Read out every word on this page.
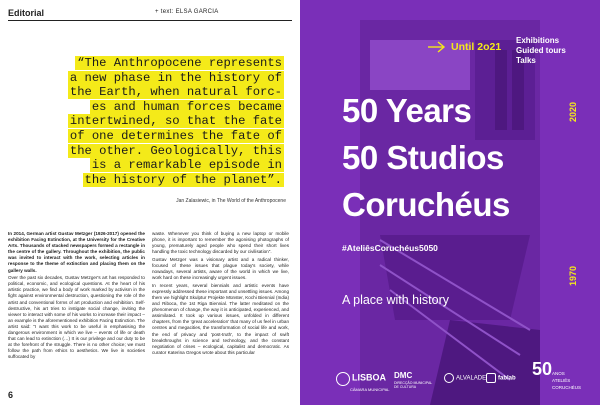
Editorial	+ text: ELSA GARCIA
“The Anthropocene represents
a new phase in the history of
the Earth, when natural forc-
es and human forces became
intertwined, so that the fate
of one determines the fate of
the other. Geologically, this
is a remarkable episode in
the history of the planet”.
Jan Zalasiewic, in The World of the Anthropocene

In 2014, German artist Gustav Metzger (1926-2017) opened the exhibition Facing Extinction, at the University for the Creative Arts. Thousands of stacked newspapers formed a rectangle in the centre of the gallery. Throughout the exhibition, the public was invited to interact with the work, selecting articles in response to the theme of extinction and placing them on the gallery walls.

Over the past six decades, Gustav Metzger's art has responded to political, economic, and ecological questions. At the heart of his artistic practice, we find a body of work marked by activism in the fight against environmental destruction, questioning the role of the artist and conventional forms of art production and exhibition. Self-destructive, his art tries to instigate social change, inviting the viewer to interact with some of his works to increase their impact – an example is the aforementioned exhibition Facing Extinction. The artist said: "I want this work to be useful in emphasising the dangerous environment in which we live – events of life or death that can lead to extinction (…) It is our privilege and our duty to be at the forefront of the struggle. There is no other choice; we must follow the path from ethics to aesthetics. We live in societies suffocated by

waste. Whenever you think of buying a new laptop or mobile phone, it is important to remember the agonising photographs of young, prematurely aged people who spend their short lives handling the toxic technology discarded by our civilisation".

Gustav Metzger was a visionary artist and a radical thinker, focused of these issues that plague today's society, while nowadays, several artists, aware of the world in which we live, work hard on these increasingly urgent issues.

In recent years, several biennials and artistic events have expressly addressed these important and unsettling issues. Among them we highlight Skulptur Projekte Münster, Kochi Biennial (India) and Riboca, the 1st Riga Biennial. The latter meditated on the phenomenon of change, the way it is anticipated, experienced, and assimilated. It took up various issues, unfolded in different chapters, from the 'great acceleration' that many of us feel in urban centres and megacities, the transformation of social life and work, the end of privacy and 'post-truth', to the impact of swift breakthroughs in science and technology, and the constant negotiation of crises – ecological, capitalist and democratic. As curator Katerina Gregos wrote about this particular

6
Until 2o21
Exhibitions
Guided tours
Talks
2020
50 Years
50 Studios
Coruchéus
#AteliêsCoruchéus5050
1970
A place with history
LISBOA
CÂMARA MUNICIPAL
DMC
DIRECÇÃO MUNICIPAL DE CULTURA
ALVALADE	fablab 50ANOS ATELIÊS CORUCHÉUS
